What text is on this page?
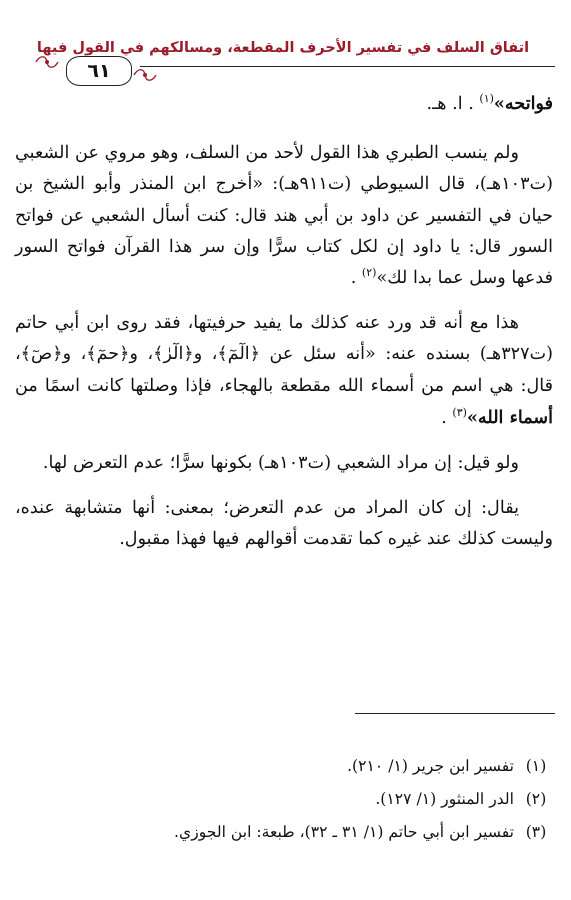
اتفاق السلف في تفسير الأحرف المقطعة، ومسالكهم في القول فيها
٦١

فواتحه»$^{(١)}$ . ا. هـ.

ولم ينسب الطبري هذا القول لأحد من السلف، وهو مروي عن الشعبي (ت١٠٣هـ)، قال السيوطي (ت٩١١هـ): «أخرج ابن المنذر وأبو الشيخ بن حيان في التفسير عن داود بن أبي هند قال: كنت أسأل الشعبي عن فواتح السور قال: يا داود إن لكل كتاب سرًّا وإن سر هذا القرآن فواتح السور فدعها وسل عما بدا لك»$^{(٢)}$ .

هذا مع أنه قد ورد عنه كذلك ما يفيد حرفيتها، فقد روى ابن أبي حاتم (ت٣٢٧هـ) بسنده عنه: «أنه سئل عن ﴿الٓمٓ﴾، و﴿الٓرٰ﴾، و﴿حمٓ﴾، و﴿صٓ﴾، قال: هي اسم من أسماء الله مقطعة بالهجاء، فإذا وصلتها كانت اسمًا من أسماء الله»$^{(٣)}$ .

ولو قيل: إن مراد الشعبي (ت١٠٣هـ) بكونها سرًّا؛ عدم التعرض لها.

يقال: إن كان المراد من عدم التعرض؛ بمعنى: أنها متشابهة عنده، وليست كذلك عند غيره كما تقدمت أقوالهم فيها فهذا مقبول.

(١) تفسير ابن جرير (١/ ٢١٠).
(٢) الدر المنثور (١/ ١٢٧).
(٣) تفسير ابن أبي حاتم (١/ ٣١ ـ ٣٢)، طبعة: ابن الجوزي.
